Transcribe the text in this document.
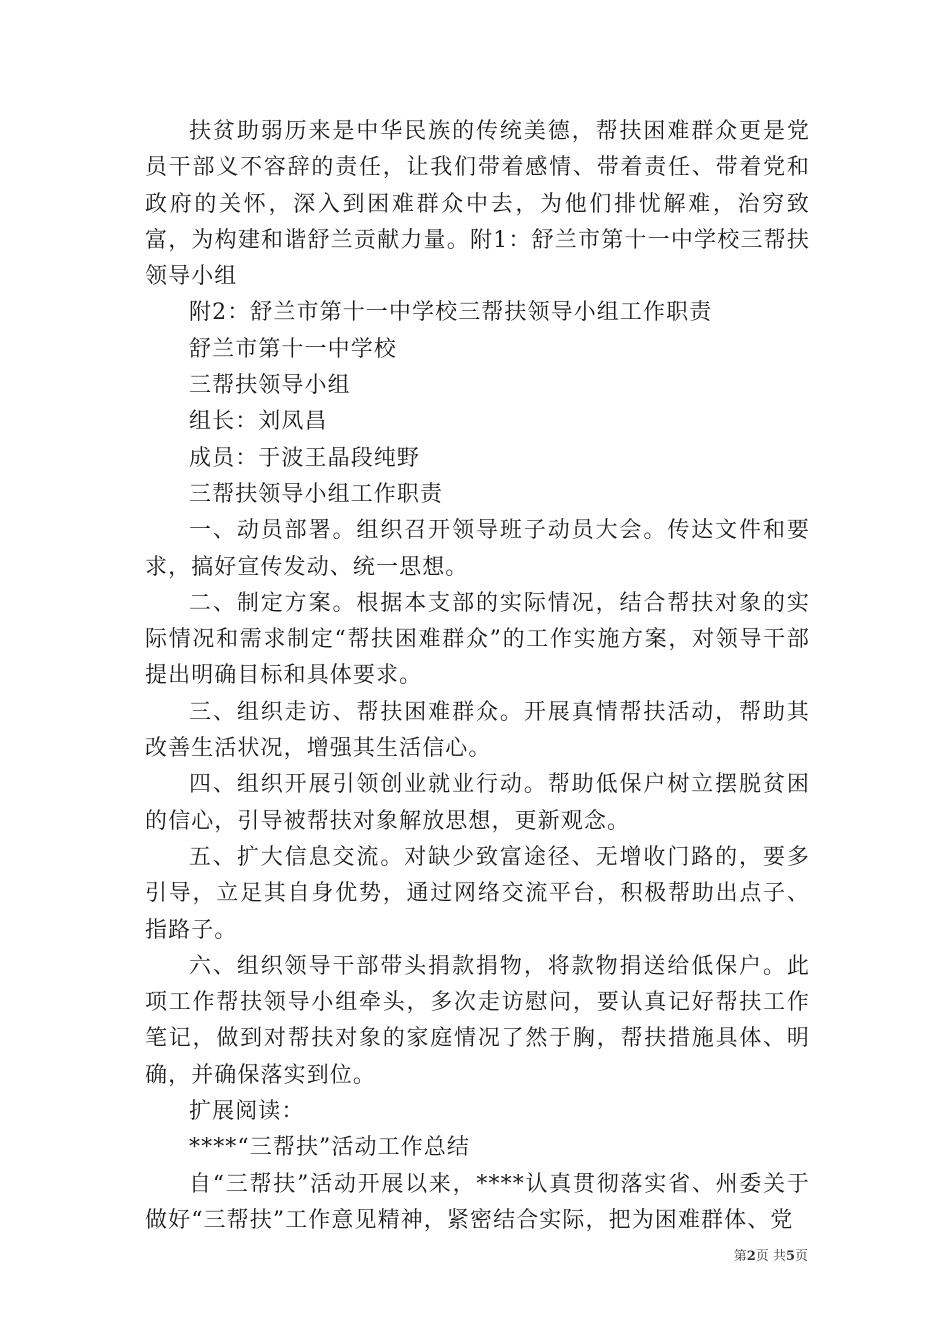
扶贫助弱历来是中华民族的传统美德，帮扶困难群众更是党员干部义不容辞的责任，让我们带着感情、带着责任、带着党和政府的关怀，深入到困难群众中去，为他们排忧解难，治穷致富，为构建和谐舒兰贡献力量。附1：舒兰市第十一中学校三帮扶领导小组

附2：舒兰市第十一中学校三帮扶领导小组工作职责

舒兰市第十一中学校

三帮扶领导小组

组长：刘凤昌

成员：于波王晶段纯野

三帮扶领导小组工作职责

一、动员部署。组织召开领导班子动员大会。传达文件和要求，搞好宣传发动、统一思想。

二、制定方案。根据本支部的实际情况，结合帮扶对象的实际情况和需求制定“帮扶困难群众”的工作实施方案，对领导干部提出明确目标和具体要求。

三、组织走访、帮扶困难群众。开展真情帮扶活动，帮助其改善生活状况，增强其生活信心。

四、组织开展引领创业就业行动。帮助低保户树立摆脱贫困的信心，引导被帮扶对象解放思想，更新观念。

五、扩大信息交流。对缺少致富途径、无增收门路的，要多引导，立足其自身优势，通过网络交流平台，积极帮助出点子、指路子。

六、组织领导干部带头捐款捐物，将款物捐送给低保户。此项工作帮扶领导小组牵头，多次走访慰问，要认真记好帮扶工作笔记，做到对帮扶对象的家庭情况了然于胸，帮扶措施具体、明确，并确保落实到位。

扩展阅读：

****“三帮扶”活动工作总结

自“三帮扶”活动开展以来，****认真贯彻落实省、州委关于做好“三帮扶”工作意见精神，紧密结合实际，把为困难群体、党

第2页 共5页
